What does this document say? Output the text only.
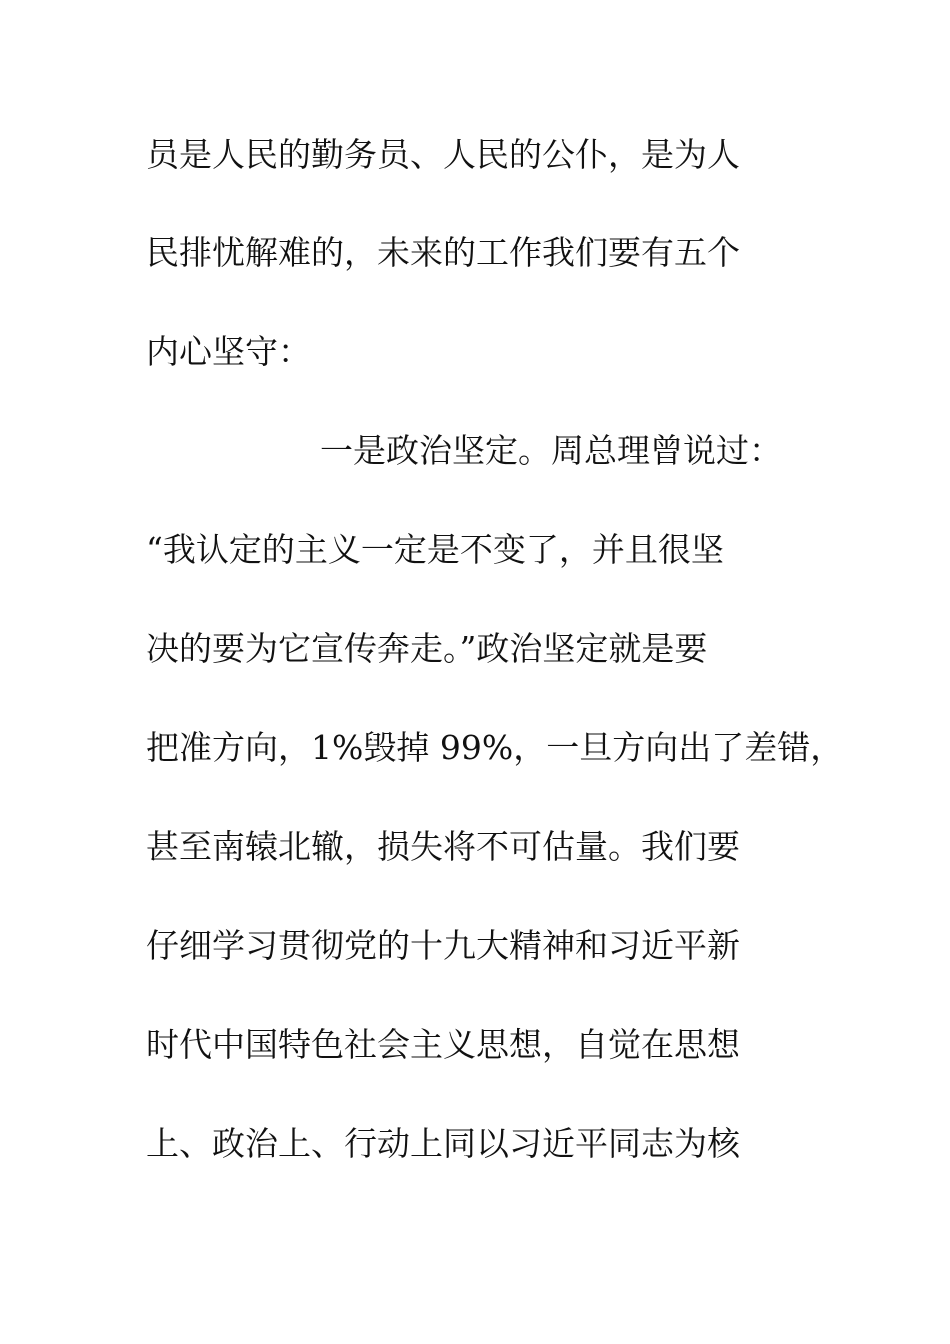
员是人民的勤务员、人民的公仆，是为人
民排忧解难的，未来的工作我们要有五个
内心坚守：
一是政治坚定。周总理曾说过：
“我认定的主义一定是不变了，并且很坚
决的要为它宣传奔走。”政治坚定就是要
把准方向，1%毁掉 99%，一旦方向出了差错，
甚至南辕北辙，损失将不可估量。我们要
仔细学习贯彻党的十九大精神和习近平新
时代中国特色社会主义思想，自觉在思想
上、政治上、行动上同以习近平同志为核
